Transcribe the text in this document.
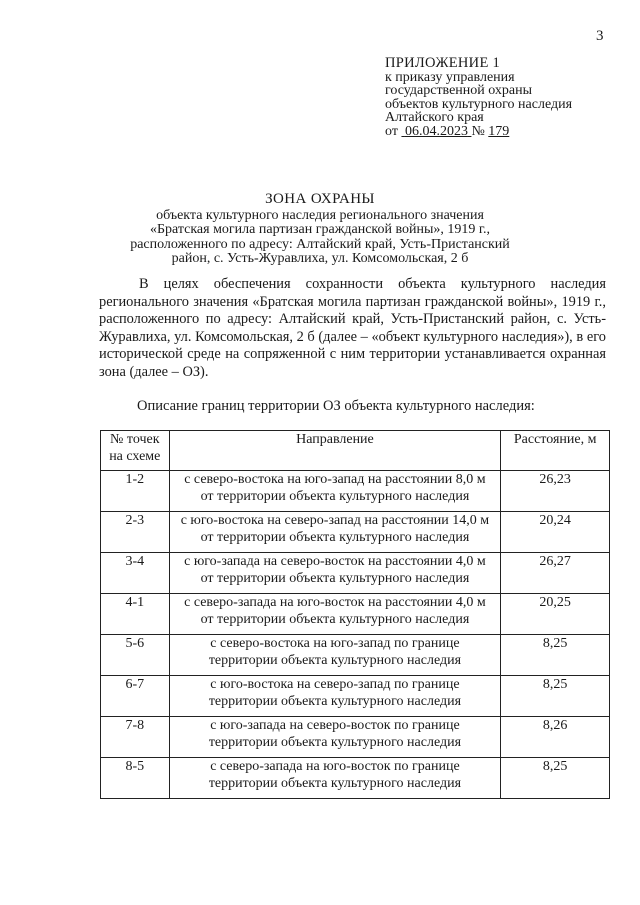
3
ПРИЛОЖЕНИЕ 1
к приказу управления
государственной охраны
объектов культурного наследия
Алтайского края
от 06.04.2023 № 179
ЗОНА ОХРАНЫ
объекта культурного наследия регионального значения
«Братская могила партизан гражданской войны», 1919 г.,
расположенного по адресу: Алтайский край, Усть-Пристанский
район, с. Усть-Журавлиха, ул. Комсомольская, 2 б

В целях обеспечения сохранности объекта культурного наследия регионального значения «Братская могила партизан гражданской войны», 1919 г., расположенного по адресу: Алтайский край, Усть-Пристанский район, с. Усть-Журавлиха, ул. Комсомольская, 2 б (далее – «объект культурного наследия»), в его исторической среде на сопряженной с ним территории устанавливается охранная зона (далее – ОЗ).

Описание границ территории ОЗ объекта культурного наследия:
№ точек
на схеме	Направление	Расстояние, м
1-2	с северо-востока на юго-запад на расстоянии 8,0 м
от территории объекта культурного наследия	26,23
2-3	с юго-востока на северо-запад на расстоянии 14,0 м
от территории объекта культурного наследия	20,24
3-4	с юго-запада на северо-восток на расстоянии 4,0 м
от территории объекта культурного наследия	26,27
4-1	с северо-запада на юго-восток на расстоянии 4,0 м
от территории объекта культурного наследия	20,25
5-6	с северо-востока на юго-запад по границе
территории объекта культурного наследия	8,25
6-7	с юго-востока на северо-запад по границе
территории объекта культурного наследия	8,25
7-8	с юго-запада на северо-восток по границе
территории объекта культурного наследия	8,26
8-5	с северо-запада на юго-восток по границе
территории объекта культурного наследия	8,25
